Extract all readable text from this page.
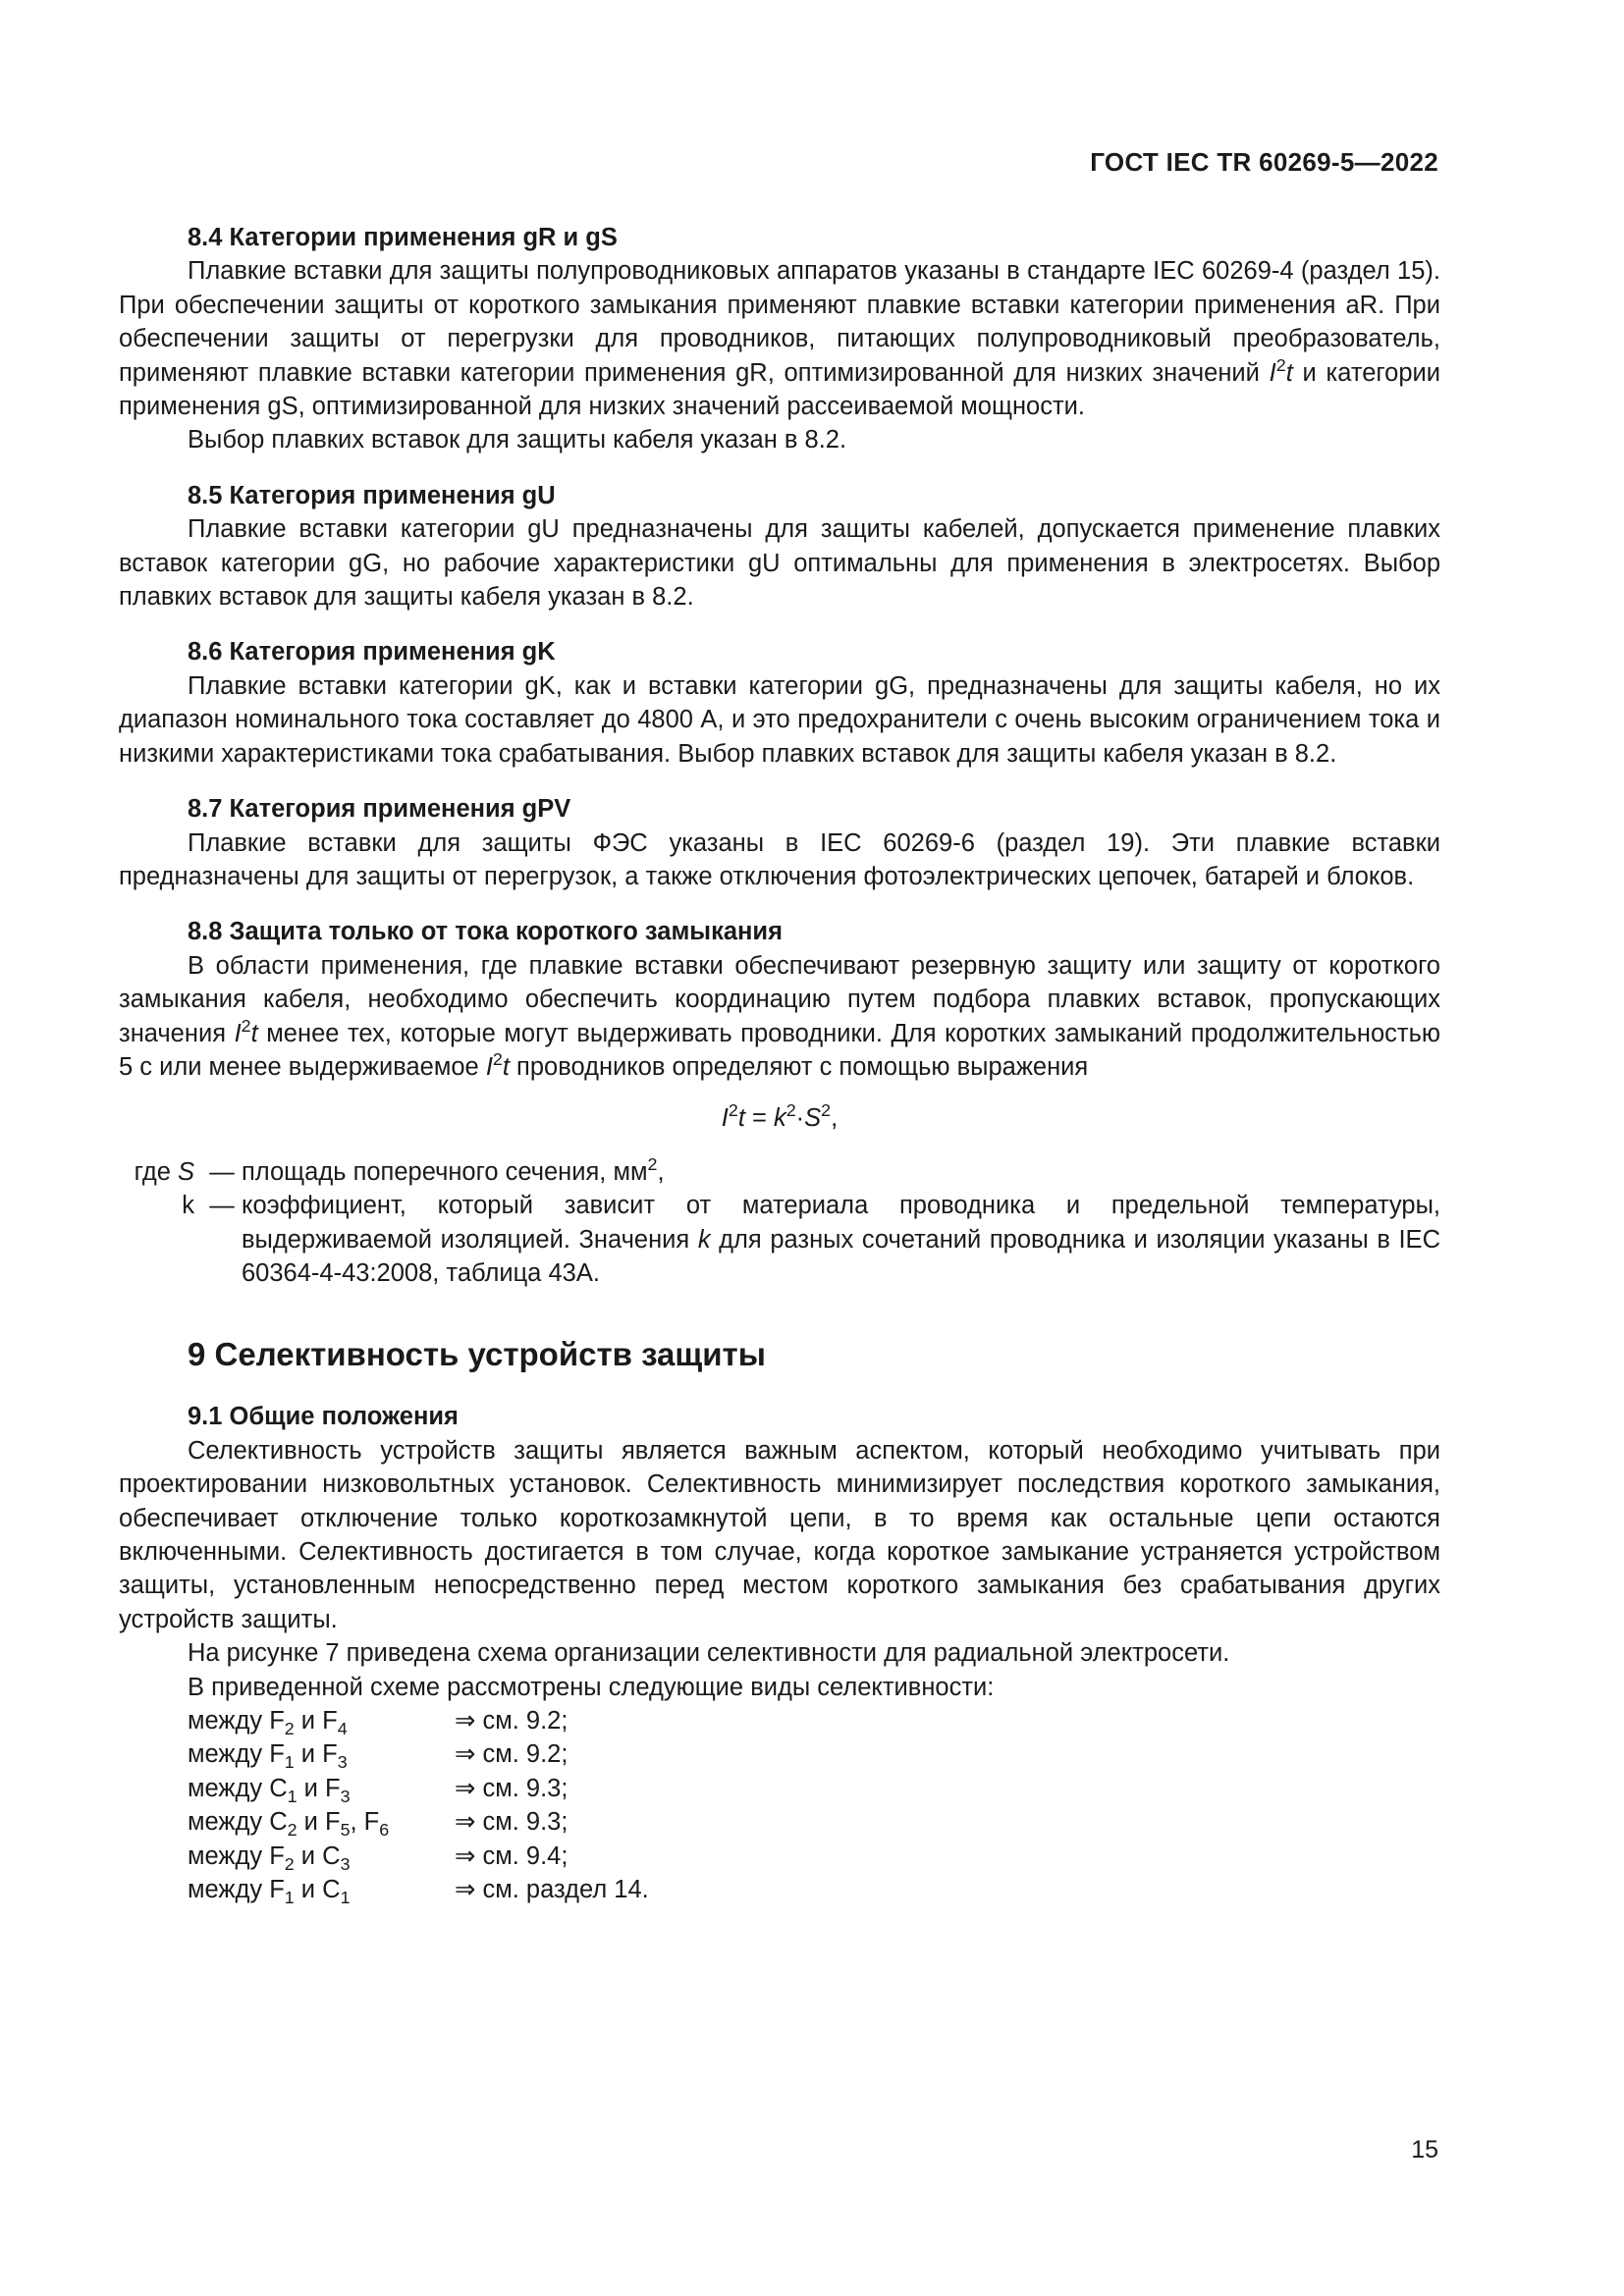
ГОСТ IEC TR 60269-5—2022
8.4 Категории применения gR и gS

Плавкие вставки для защиты полупроводниковых аппаратов указаны в стандарте IEC 60269-4 (раздел 15). При обеспечении защиты от короткого замыкания применяют плавкие вставки категории применения aR. При обеспечении защиты от перегрузки для проводников, питающих полупроводниковый преобразователь, применяют плавкие вставки категории применения gR, оптимизированной для низких значений $I^2t$ и категории применения gS, оптимизированной для низких значений рассеиваемой мощности.

Выбор плавких вставок для защиты кабеля указан в 8.2.

8.5 Категория применения gU

Плавкие вставки категории gU предназначены для защиты кабелей, допускается применение плавких вставок категории gG, но рабочие характеристики gU оптимальны для применения в электросетях. Выбор плавких вставок для защиты кабеля указан в 8.2.

8.6 Категория применения gK

Плавкие вставки категории gK, как и вставки категории gG, предназначены для защиты кабеля, но их диапазон номинального тока составляет до 4800 А, и это предохранители с очень высоким ограничением тока и низкими характеристиками тока срабатывания. Выбор плавких вставок для защиты кабеля указан в 8.2.

8.7 Категория применения gPV

Плавкие вставки для защиты ФЭС указаны в IEC 60269-6 (раздел 19). Эти плавкие вставки предназначены для защиты от перегрузок, а также отключения фотоэлектрических цепочек, батарей и блоков.

8.8 Защита только от тока короткого замыкания

В области применения, где плавкие вставки обеспечивают резервную защиту или защиту от короткого замыкания кабеля, необходимо обеспечить координацию путем подбора плавких вставок, пропускающих значения $I^2t$ менее тех, которые могут выдерживать проводники. Для коротких замыканий продолжительностью 5 с или менее выдерживаемое $I^2t$ проводников определяют с помощью выражения

$I^2t = k^2\cdot S^2$,
где S — площадь поперечного сечения, $мм^2$,
k — коэффициент, который зависит от материала проводника и предельной температуры, выдерживаемой изоляцией. Значения k для разных сочетаний проводника и изоляции указаны в IEC 60364-4-43:2008, таблица 43А.
9 Селективность устройств защиты
9.1 Общие положения

Селективность устройств защиты является важным аспектом, который необходимо учитывать при проектировании низковольтных установок. Селективность минимизирует последствия короткого замыкания, обеспечивает отключение только короткозамкнутой цепи, в то время как остальные цепи остаются включенными. Селективность достигается в том случае, когда короткое замыкание устраняется устройством защиты, установленным непосредственно перед местом короткого замыкания без срабатывания других устройств защиты.

На рисунке 7 приведена схема организации селективности для радиальной электросети.

В приведенной схеме рассмотрены следующие виды селективности:

между $F_2$ и $F_4$	⇒ см. 9.2;
между $F_1$ и $F_3$	⇒ см. 9.2;
между $C_1$ и $F_3$	⇒ см. 9.3;
между $C_2$ и $F_5$, $F_6$	⇒ см. 9.3;
между $F_2$ и $C_3$	⇒ см. 9.4;
между $F_1$ и $C_1$	⇒ см. раздел 14.
15
